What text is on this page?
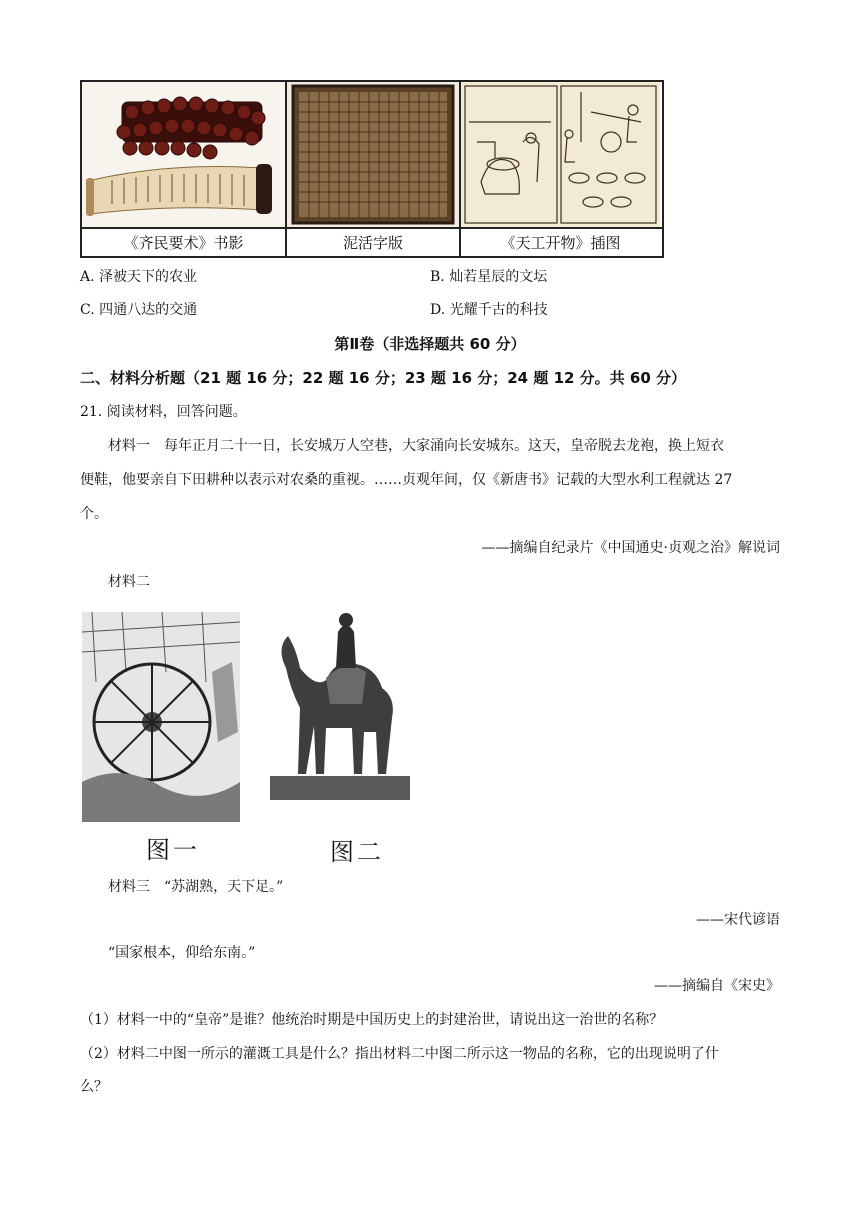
《齐民要术》书影	泥活字版	《天工开物》插图
A. 泽被天下的农业	B. 灿若星辰的文坛
C. 四通八达的交通	D. 光耀千古的科技
第Ⅱ卷（非选择题共 60 分）
二、材料分析题（21 题 16 分；22 题 16 分；23 题 16 分；24 题 12 分。共 60 分）
21. 阅读材料，回答问题。
材料一　每年正月二十一日，长安城万人空巷，大家涌向长安城东。这天，皇帝脱去龙袍，换上短衣
便鞋，他要亲自下田耕种以表示对农桑的重视。……贞观年间，仅《新唐书》记载的大型水利工程就达 27
个。
——摘编自纪录片《中国通史·贞观之治》解说词
材料二
图一	图二
材料三　“苏湖熟，天下足。”
——宋代谚语
“国家根本，仰给东南。”
——摘编自《宋史》
（1）材料一中的“皇帝”是谁？他统治时期是中国历史上的封建治世，请说出这一治世的名称？
（2）材料二中图一所示的灌溉工具是什么？指出材料二中图二所示这一物品的名称，它的出现说明了什
么？
